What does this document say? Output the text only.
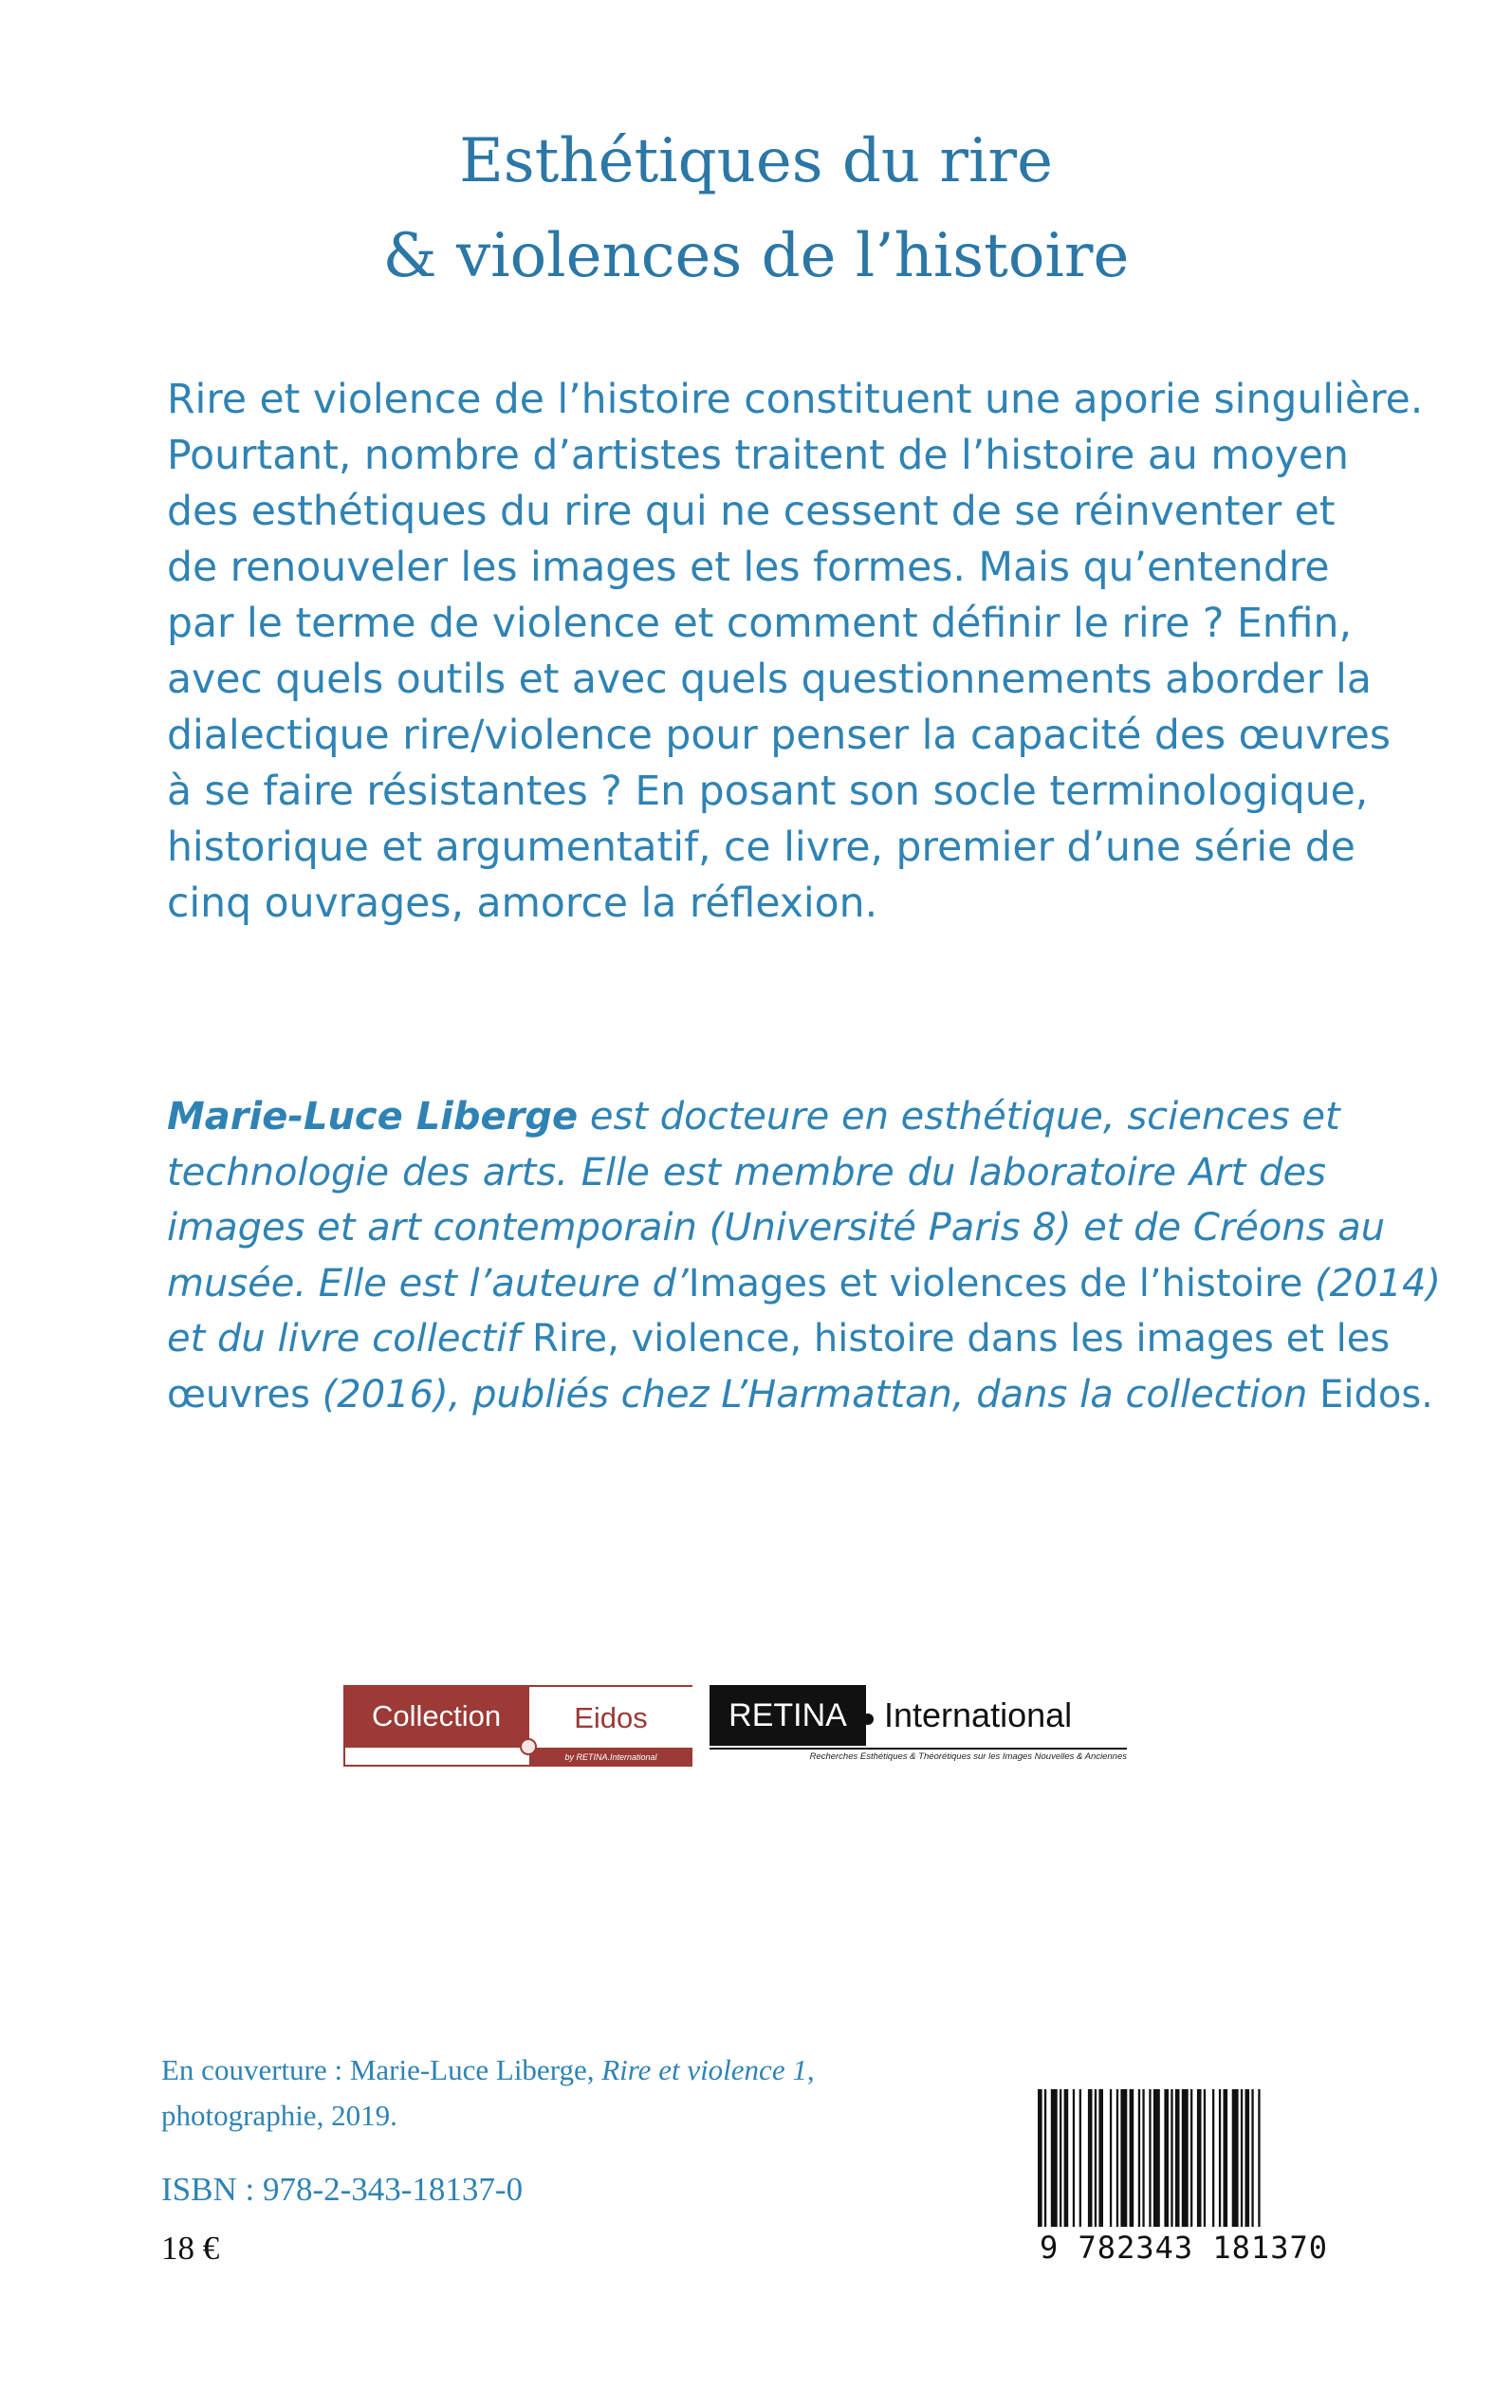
Esthétiques du rire
& violences de l’histoire
Rire et violence de l’histoire constituent une aporie singulière.
Pourtant, nombre d’artistes traitent de l’histoire au moyen
des esthétiques du rire qui ne cessent de se réinventer et
de renouveler les images et les formes. Mais qu’entendre
par le terme de violence et comment définir le rire ? Enfin,
avec quels outils et avec quels questionnements aborder la
dialectique rire/violence pour penser la capacité des œuvres
à se faire résistantes ? En posant son socle terminologique,
historique et argumentatif, ce livre, premier d’une série de
cinq ouvrages, amorce la réflexion.
Marie-Luce Liberge est docteure en esthétique, sciences et
technologie des arts. Elle est membre du laboratoire Art des
images et art contemporain (Université Paris 8) et de Créons au
musée. Elle est l’auteure d’Images et violences de l’histoire (2014)
et du livre collectif Rire, violence, histoire dans les images et les
œuvres (2016), publiés chez L’Harmattan, dans la collection Eidos.
Collection	Eidos
by RETINA.International
RETINA	International
Recherches Esthétiques & Théorétiques sur les Images Nouvelles & Anciennes
En couverture : Marie-Luce Liberge, Rire et violence 1,
photographie, 2019.
ISBN : 978-2-343-18137-0
18 €	9 782343 181370
